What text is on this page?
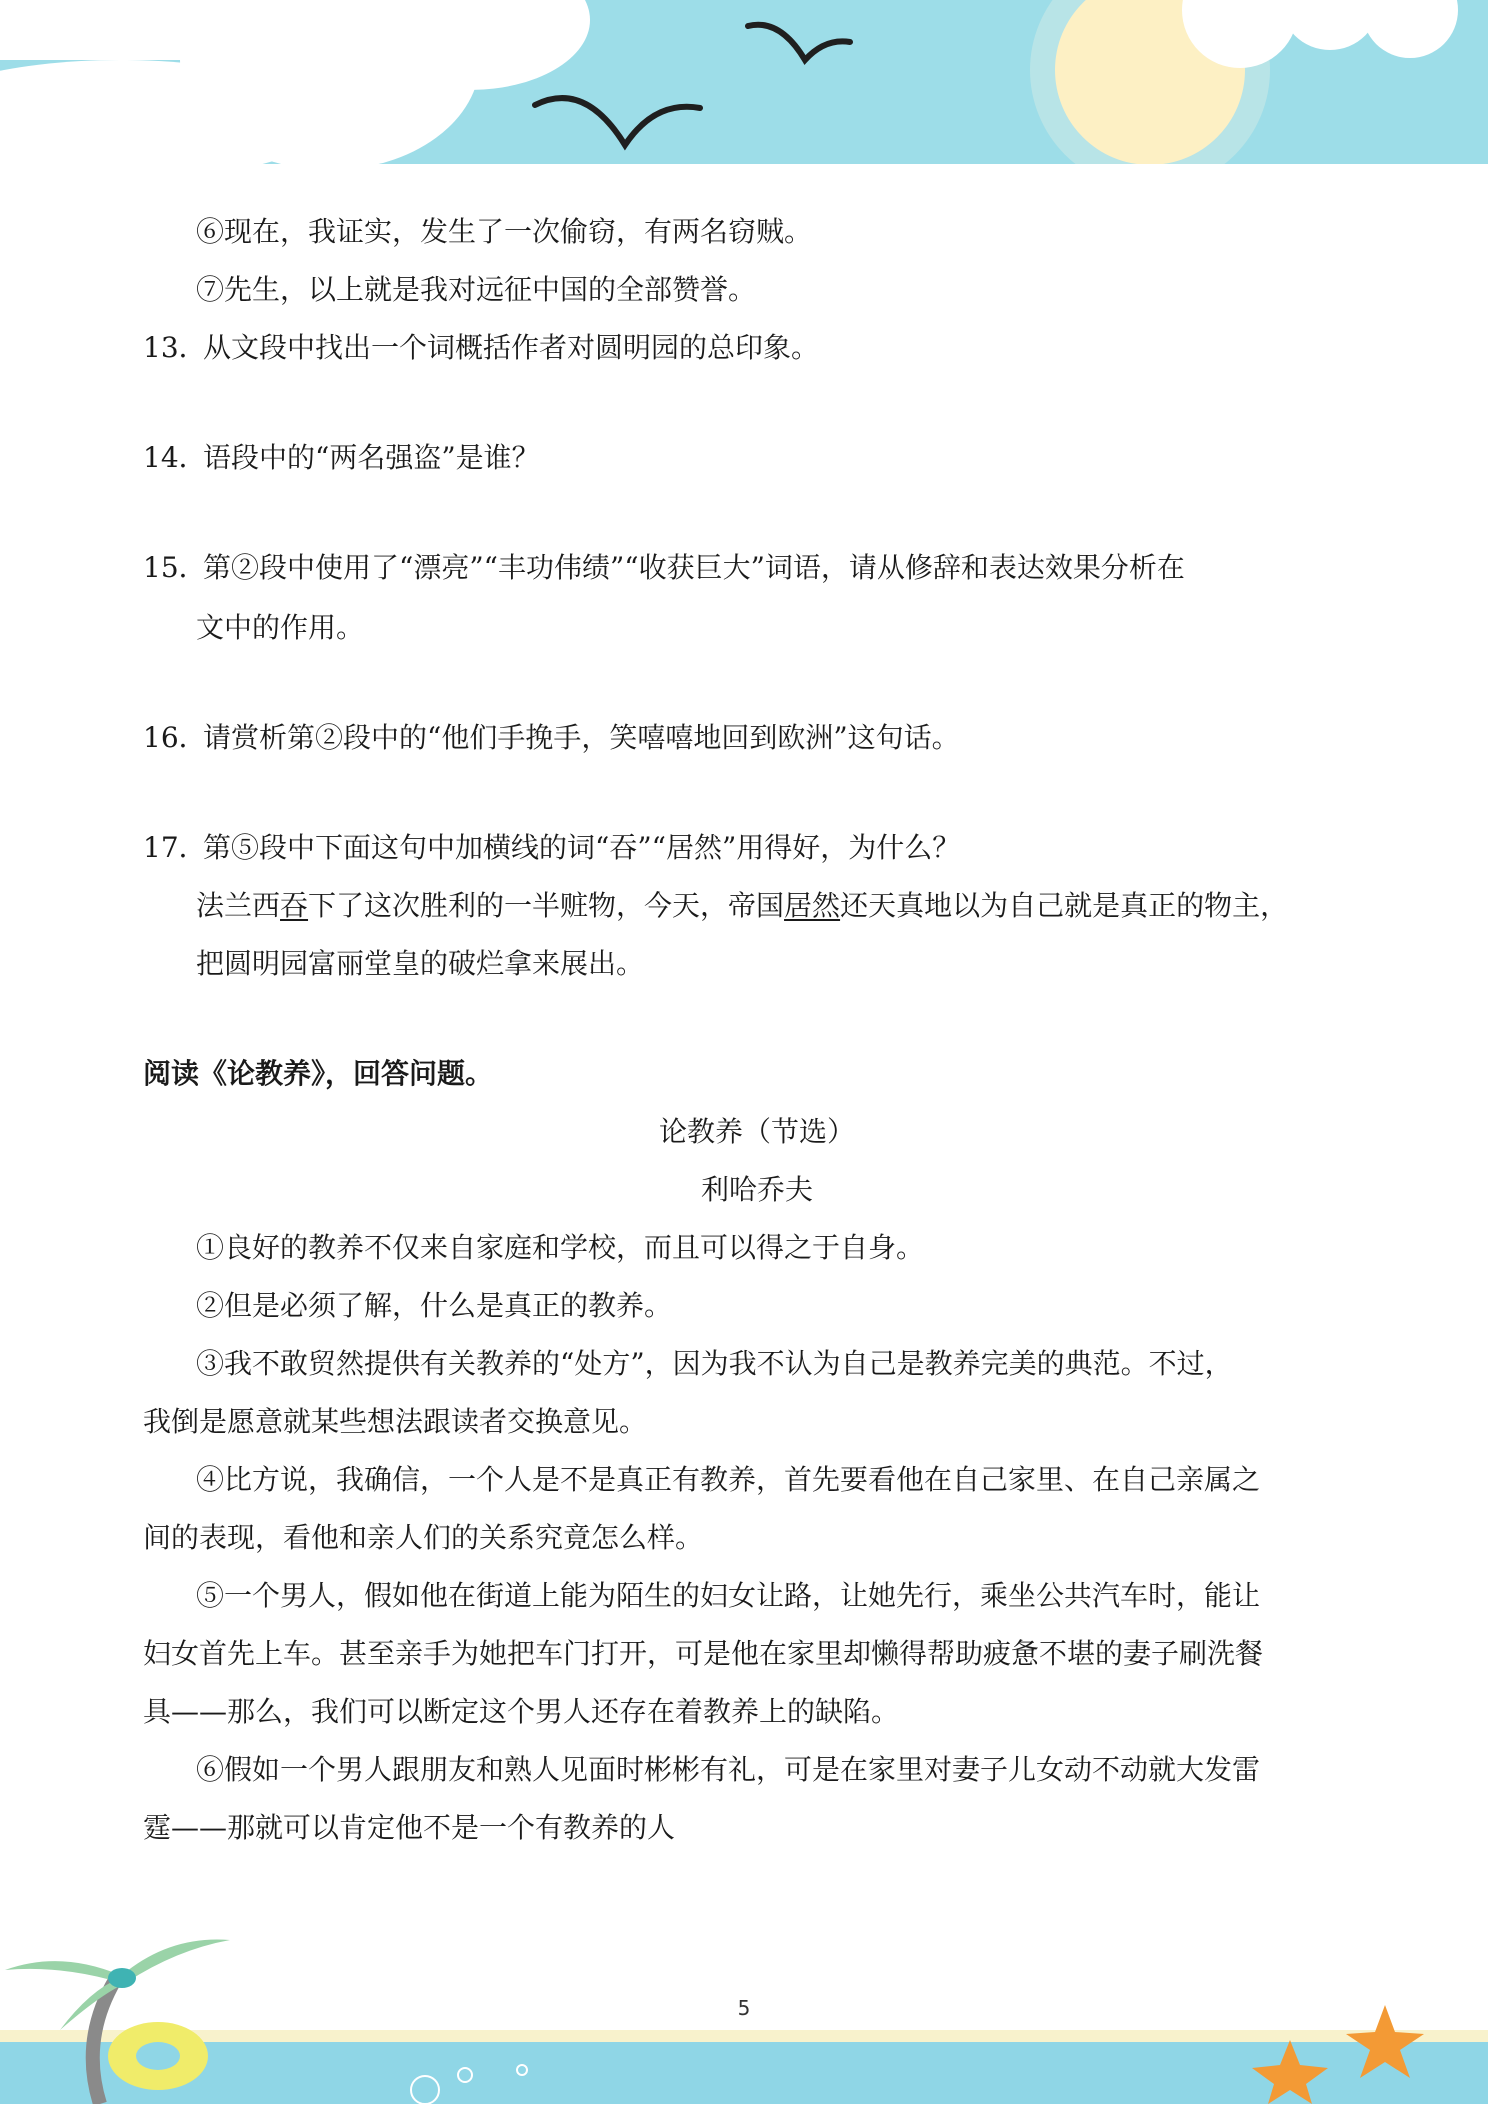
⑥现在，我证实，发生了一次偷窃，有两名窃贼。
⑦先生，以上就是我对远征中国的全部赞誉。
13．从文段中找出一个词概括作者对圆明园的总印象。
14．语段中的“两名强盗”是谁？
15．第②段中使用了“漂亮”“丰功伟绩”“收获巨大”词语，请从修辞和表达效果分析在
文中的作用。
16．请赏析第②段中的“他们手挽手，笑嘻嘻地回到欧洲”这句话。
17．第⑤段中下面这句中加横线的词“吞”“居然”用得好，为什么？
法兰西吞下了这次胜利的一半赃物，今天，帝国居然还天真地以为自己就是真正的物主，
把圆明园富丽堂皇的破烂拿来展出。
阅读《论教养》，回答问题。
论教养（节选）
利哈乔夫
①良好的教养不仅来自家庭和学校，而且可以得之于自身。
②但是必须了解，什么是真正的教养。
③我不敢贸然提供有关教养的“处方”，因为我不认为自己是教养完美的典范。不过，
我倒是愿意就某些想法跟读者交换意见。
④比方说，我确信，一个人是不是真正有教养，首先要看他在自己家里、在自己亲属之
间的表现，看他和亲人们的关系究竟怎么样。
⑤一个男人，假如他在街道上能为陌生的妇女让路，让她先行，乘坐公共汽车时，能让
妇女首先上车。甚至亲手为她把车门打开，可是他在家里却懒得帮助疲惫不堪的妻子刷洗餐
具——那么，我们可以断定这个男人还存在着教养上的缺陷。
⑥假如一个男人跟朋友和熟人见面时彬彬有礼，可是在家里对妻子儿女动不动就大发雷
霆——那就可以肯定他不是一个有教养的人
5
